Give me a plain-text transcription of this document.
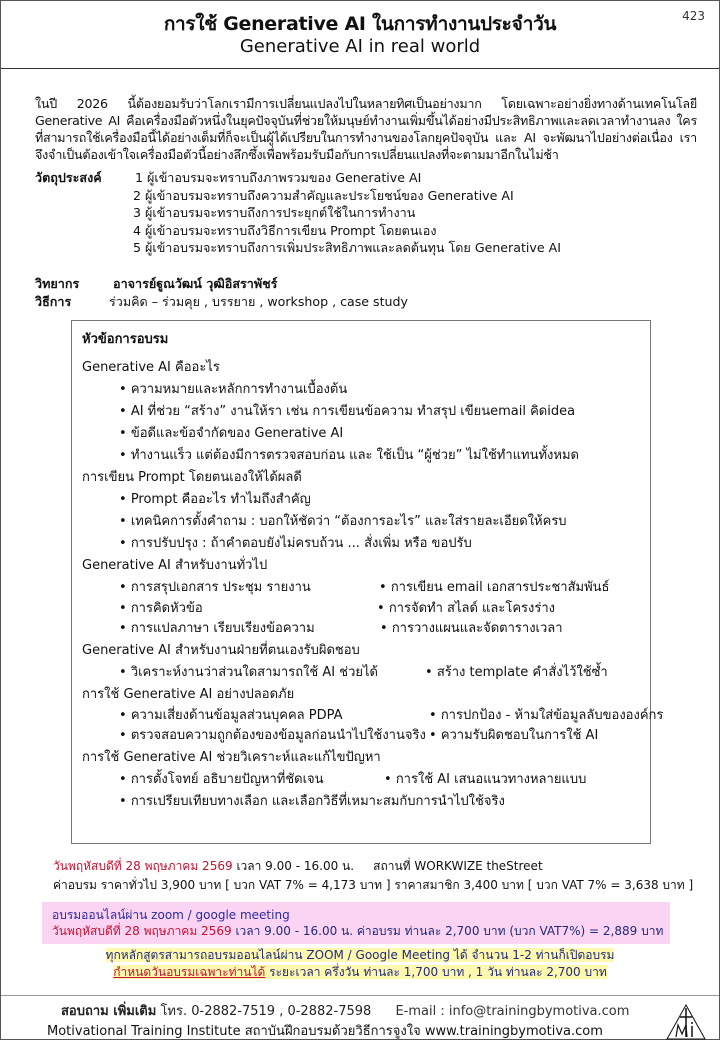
การใช้ Generative AI ในการทำงานประจำวัน
Generative AI in real world
423
ในปี 2026 นี้ต้องยอมรับว่าโลกเรามีการเปลี่ยนแปลงไปในหลายทิศเป็นอย่างมาก โดยเฉพาะอย่างยิ่งทางด้านเทคโนโลยี Generative AI คือเครื่องมือตัวหนึ่งในยุคปัจจุบันที่ช่วยให้มนุษย์ทำงานเพิ่มขึ้นได้อย่างมีประสิทธิภาพและลดเวลาทำงานลง ใครที่สามารถใช้เครื่องมือนี้ได้อย่างเต็มที่ก็จะเป็นผู้ได้เปรียบในการทำงานของโลกยุคปัจจุบัน และ AI จะพัฒนาไปอย่างต่อเนื่อง เราจึงจำเป็นต้องเข้าใจเครื่องมือตัวนี้อย่างลึกซึ้งเพื่อพร้อมรับมือกับการเปลี่ยนแปลงที่จะตามมาอีกในไม่ช้า
วัตถุประสงค์	1 ผู้เข้าอบรมจะทราบถึงภาพรวมของ Generative AI
2 ผู้เข้าอบรมจะทราบถึงความสำคัญและประโยชน์ของ Generative AI
3 ผู้เข้าอบรมจะทราบถึงการประยุกต์ใช้ในการทำงาน
4 ผู้เข้าอบรมจะทราบถึงวิธีการเขียน Prompt โดยตนเอง
5 ผู้เข้าอบรมจะทราบถึงการเพิ่มประสิทธิภาพและลดต้นทุน โดย Generative AI
วิทยากร	อาจารย์ฐูณวัฒน์ วุฒิอิสราพัชร์
วิธีการ	ร่วมคิด – ร่วมคุย , บรรยาย , workshop , case study
หัวข้อการอบรม
Generative AI คืออะไร
• ความหมายและหลักการทำงานเบื้องต้น
• AI ที่ช่วย “สร้าง” งานให้รา เช่น การเขียนข้อความ ทำสรุป เขียนemail คิดidea
• ข้อดีและข้อจำกัดของ Generative AI
• ทำงานแร็ว แต่ต้องมีการตรวจสอบก่อน และ ใช้เป็น “ผู้ช่วย” ไม่ใช้ทำแทนทั้งหมด
การเขียน Prompt โดยตนเองให้ได้ผลดี
• Prompt คืออะไร ทำไมถึงสำคัญ
• เทคนิคการตั้งคำถาม : บอกให้ชัดว่า “ต้องการอะไร” และใส่รายละเอียดให้ครบ
• การปรับปรุง : ถ้าคำตอบยังไม่ครบถ้วน ... สั่งเพิ่ม หรือ ขอปรับ
Generative AI สำหรับงานทั่วไป
• การสรุปเอกสาร ประชุม รายงาน	• การเขียน email เอกสารประชาสัมพันธ์
• การคิดหัวข้อ	• การจัดทำ สไลด์ และโครงร่าง
• การแปลภาษา เรียบเรียงข้อความ	• การวางแผนและจัดตารางเวลา
Generative AI สำหรับงานฝ่ายที่ตนเองรับผิดชอบ
• วิเคราะห์งานว่าส่วนใดสามารถใช้ AI ช่วยได้	• สร้าง template คำสั่งไว้ใช้ซ้ำ
การใช้ Generative AI อย่างปลอดภัย
• ความเสี่ยงด้านข้อมูลส่วนบุคคล PDPA	• การปกป้อง - ห้ามใส่ข้อมูลลับขององค์กร
• ตรวจสอบความถูกต้องของข้อมูลก่อนนำไปใช้งานจริง	• ความรับผิดชอบในการใช้ AI
การใช้ Generative AI ช่วยวิเคราะห์และแก้ไขปัญหา
• การตั้งโจทย์ อธิบายปัญหาที่ชัดเจน	• การใช้ AI เสนอแนวทางหลายแบบ
• การเปรียบเทียบทางเลือก และเลือกวิธีที่เหมาะสมกับการนำไปใช้จริง
วันพฤหัสบดีที่ 28 พฤษภาคม 2569 เวลา 9.00 - 16.00 น. สถานที่ WORKWIZE theStreet
ค่าอบรม ราคาทั่วไป 3,900 บาท [ บวก VAT 7% = 4,173 บาท ] ราคาสมาชิก 3,400 บาท [ บวก VAT 7% = 3,638 บาท ]
อบรมออนไลน์ผ่าน zoom / google meeting
วันพฤหัสบดีที่ 28 พฤษภาคม 2569 เวลา 9.00 - 16.00 น. ค่าอบรม ท่านละ 2,700 บาท (บวก VAT7%) = 2,889 บาท
ทุกหลักสูตรสามารถอบรมออนไลน์ผ่าน ZOOM / Google Meeting ได้ จำนวน 1-2 ท่านก็เปิดอบรม
กำหนดวันอบรมเฉพาะท่านได้ ระยะเวลา ครึ่งวัน ท่านละ 1,700 บาท , 1 วัน ท่านละ 2,700 บาท
สอบถาม เพิ่มเติม โทร. 0-2882-7519 , 0-2882-7598 E-mail : info@trainingbymotiva.com
Motivational Training Institute สถาบันฝึกอบรมด้วยวิธีการจูงใจ www.trainingbymotiva.com
